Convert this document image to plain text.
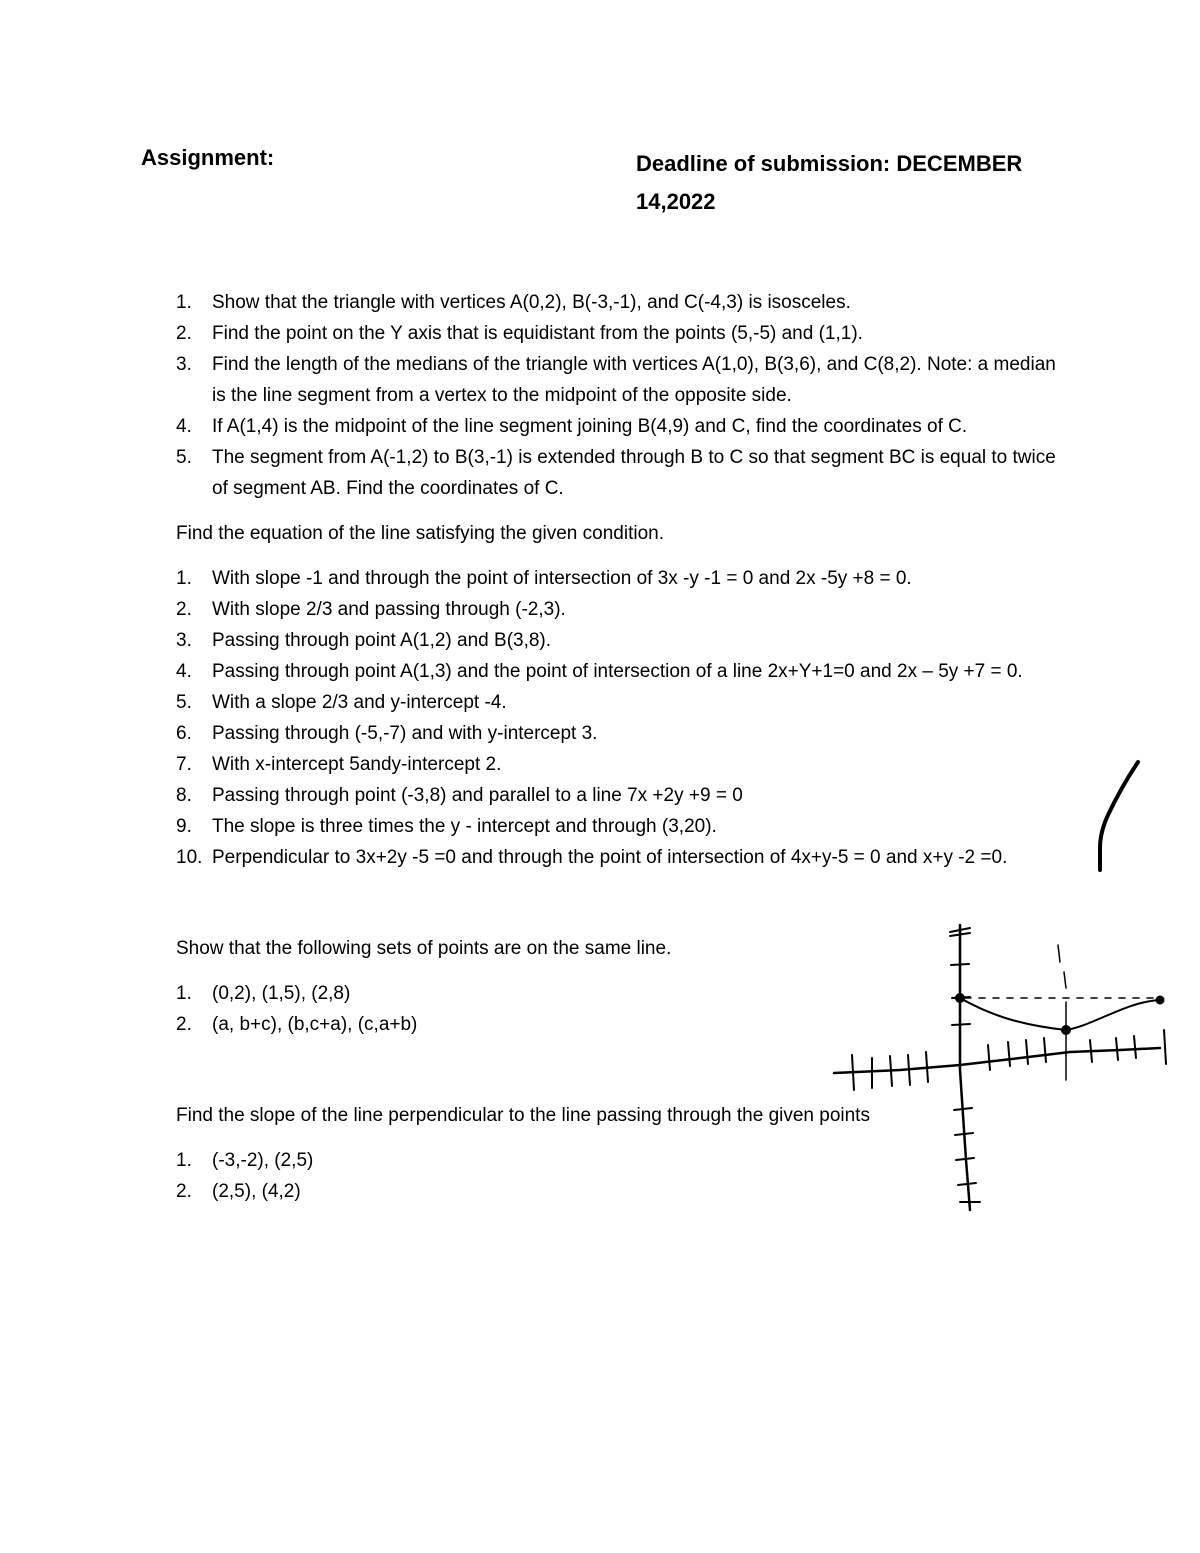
Assignment:	Deadline of submission: DECEMBER
14,2022
1. Show that the triangle with vertices A(0,2), B(-3,-1), and C(-4,3) is isosceles.
2. Find the point on the Y axis that is equidistant from the points (5,-5) and (1,1).
3. Find the length of the medians of the triangle with vertices A(1,0), B(3,6), and C(8,2). Note: a median is the line segment from a vertex to the midpoint of the opposite side.
4. If A(1,4) is the midpoint of the line segment joining B(4,9) and C, find the coordinates of C.
5. The segment from A(-1,2) to B(3,-1) is extended through B to C so that segment BC is equal to twice of segment AB. Find the coordinates of C.
Find the equation of the line satisfying the given condition.
1. With slope -1 and through the point of intersection of 3x -y -1 = 0 and 2x -5y +8 = 0.
2. With slope 2/3 and passing through (-2,3).
3. Passing through point A(1,2) and B(3,8).
4. Passing through point A(1,3) and the point of intersection of a line 2x+Y+1=0 and 2x – 5y +7 = 0.
5. With a slope 2/3 and y-intercept -4.
6. Passing through (-5,-7) and with y-intercept 3.
7. With x-intercept 5andy-intercept 2.
8. Passing through point (-3,8) and parallel to a line 7x +2y +9 = 0
9. The slope is three times the y - intercept and through (3,20).
10. Perpendicular to 3x+2y -5 =0 and through the point of intersection of 4x+y-5 = 0 and x+y -2 =0.
Show that the following sets of points are on the same line.
1. (0,2), (1,5), (2,8)
2. (a, b+c), (b,c+a), (c,a+b)
Find the slope of the line perpendicular to the line passing through the given points
1. (-3,-2), (2,5)
2. (2,5), (4,2)
